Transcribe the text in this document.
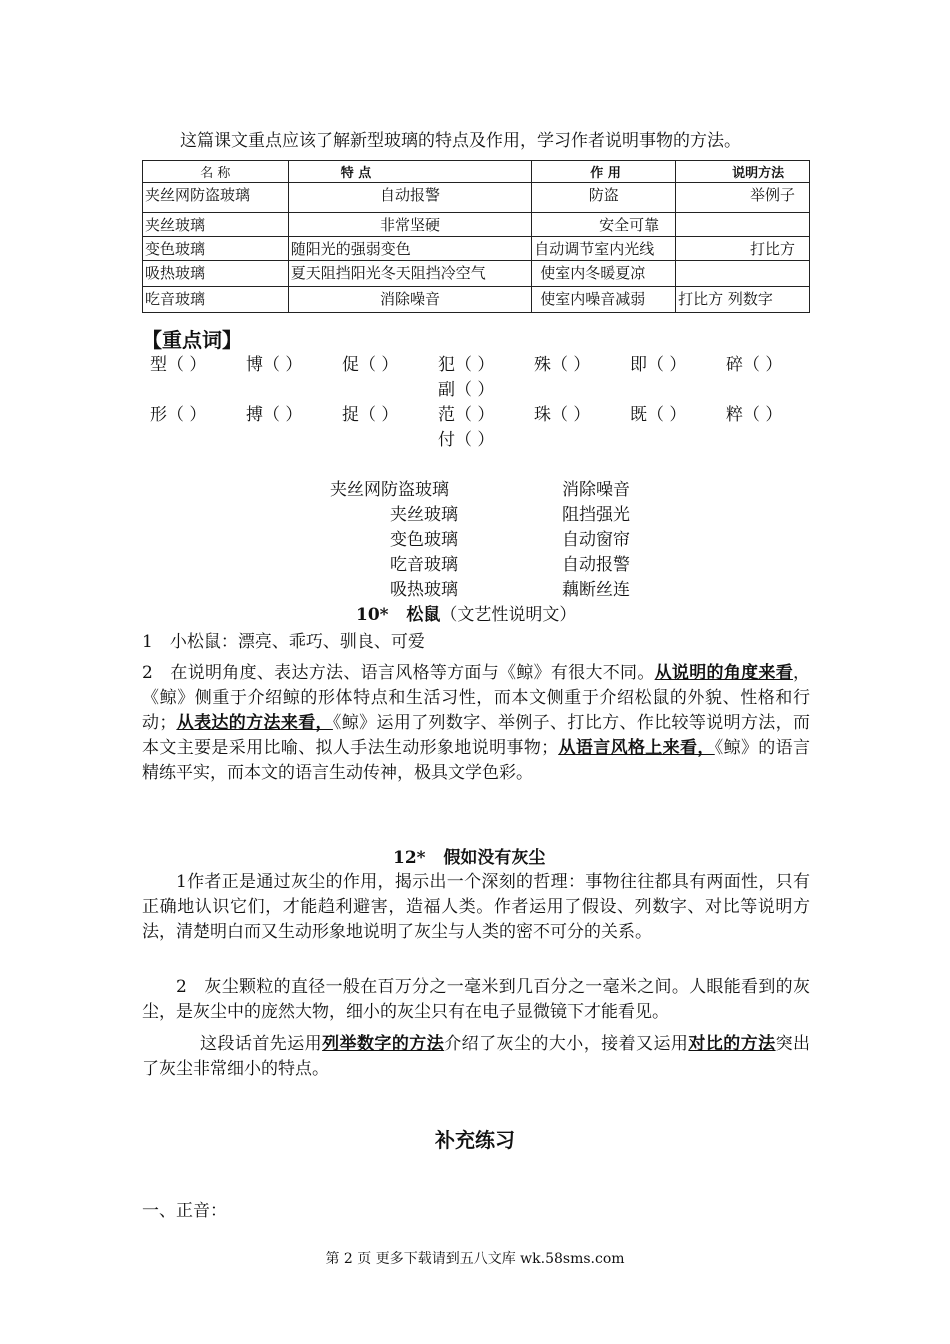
这篇课文重点应该了解新型玻璃的特点及作用，学习作者说明事物的方法。
名 称	特 点	作 用	说明方法
夹丝网防盗玻璃	自动报警	防盗	举例子
夹丝玻璃	非常坚硬	安全可靠	
变色玻璃	随阳光的强弱变色	自动调节室内光线	打比方
吸热玻璃	夏天阻挡阳光冬天阻挡冷空气	使室内冬暖夏凉	
吃音玻璃	消除噪音	使室内噪音减弱	打比方 列数字
【重点词】
型（ ） 博（ ） 促（ ） 犯（ ） 殊（ ） 即（ ） 碎（ ）
副（ ）
形（ ） 搏（ ） 捉（ ） 范（ ） 珠（ ） 既（ ） 粹（ ）
付（ ）
夹丝网防盗玻璃
夹丝玻璃
变色玻璃
吃音玻璃
吸热玻璃
消除噪音
阻挡强光
自动窗帘
自动报警
藕断丝连
10* 松鼠（文艺性说明文）
1　小松鼠：漂亮、乖巧、驯良、可爱
2　在说明角度、表达方法、语言风格等方面与《鲸》有很大不同。从说明的角度来看，《鲸》侧重于介绍鲸的形体特点和生活习性，而本文侧重于介绍松鼠的外貌、性格和行动；从表达的方法来看，《鲸》运用了列数字、举例子、打比方、作比较等说明方法，而本文主要是采用比喻、拟人手法生动形象地说明事物；从语言风格上来看，《鲸》的语言精练平实，而本文的语言生动传神，极具文学色彩。
12* 假如没有灰尘
1作者正是通过灰尘的作用，揭示出一个深刻的哲理：事物往往都具有两面性，只有正确地认识它们，才能趋利避害，造福人类。作者运用了假设、列数字、对比等说明方法，清楚明白而又生动形象地说明了灰尘与人类的密不可分的关系。
2　灰尘颗粒的直径一般在百万分之一毫米到几百分之一毫米之间。人眼能看到的灰尘，是灰尘中的庞然大物，细小的灰尘只有在电子显微镜下才能看见。
这段话首先运用列举数字的方法介绍了灰尘的大小，接着又运用对比的方法突出了灰尘非常细小的特点。
补充练习
一、正音：
第 2 页 更多下载请到五八文库 wk.58sms.com
